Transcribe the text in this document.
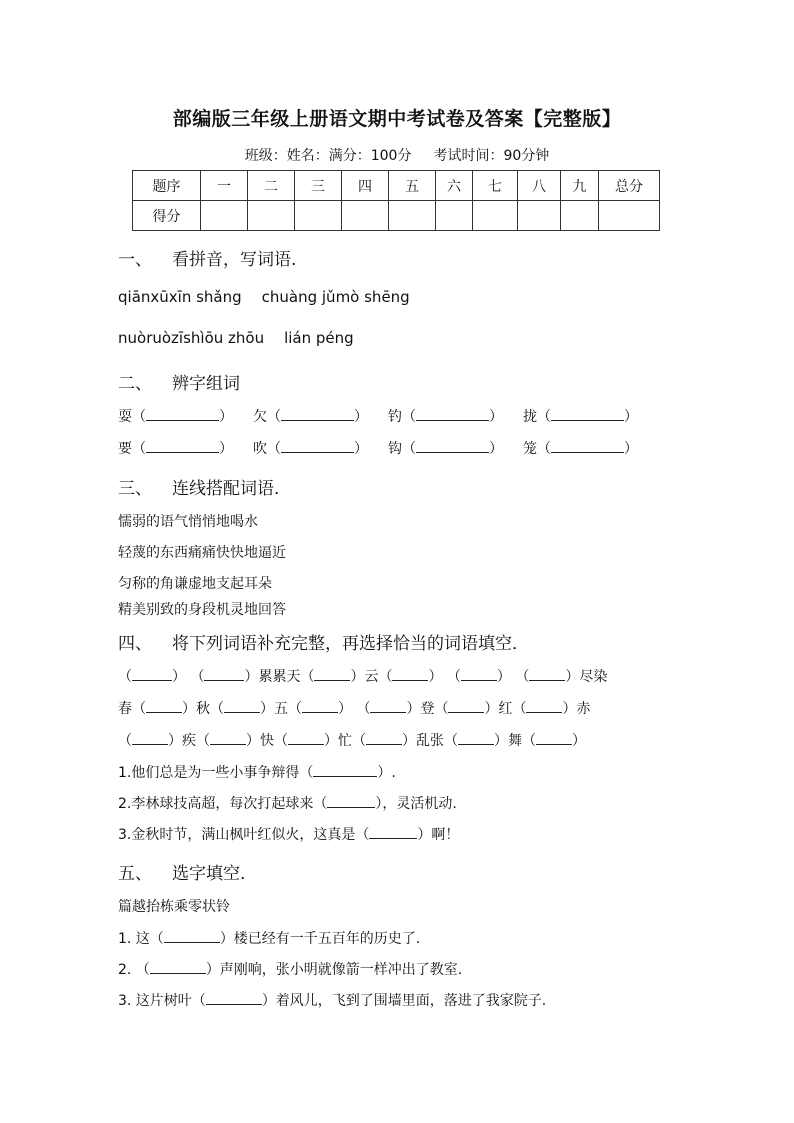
部编版三年级上册语文期中考试卷及答案【完整版】
班级：姓名：满分：100分 考试时间：90分钟
题序	一	二	三	四	五	六	七	八	九	总分
得分										
一、 看拼音，写词语.
qiānxūxīn shǎng chuàng jǔmò shēng
nuòruòzīshìōu zhōu lián péng
二、 辨字组词
耍（	） 欠（	） 钓（	） 拢（	）
要（	） 吹（	） 钩（	） 笼（	）
三、 连线搭配词语.
懦弱的语气悄悄地喝水
轻蔑的东西痛痛快快地逼近
匀称的角谦虚地支起耳朵
精美别致的身段机灵地回答
四、 将下列词语补充完整，再选择恰当的词语填空．
（	） （	）累累天（	）云（	） （	） （	）尽染
春（	）秋（	）五（	） （	）登（	）红（	）赤
（	）疾（	）快（	）忙（	）乱张（	）舞（	）
1.他们总是为一些小事争辩得（	）.
2.李林球技高超，每次打起球来（	），灵活机动.
3.金秋时节，满山枫叶红似火，这真是（	）啊！
五、 选字填空.
篇越抬栋乘零状铃
1. 这（	）楼已经有一千五百年的历史了.
2. （	）声刚响，张小明就像箭一样冲出了教室.
3. 这片树叶（	）着风儿，飞到了围墙里面，落进了我家院子.
